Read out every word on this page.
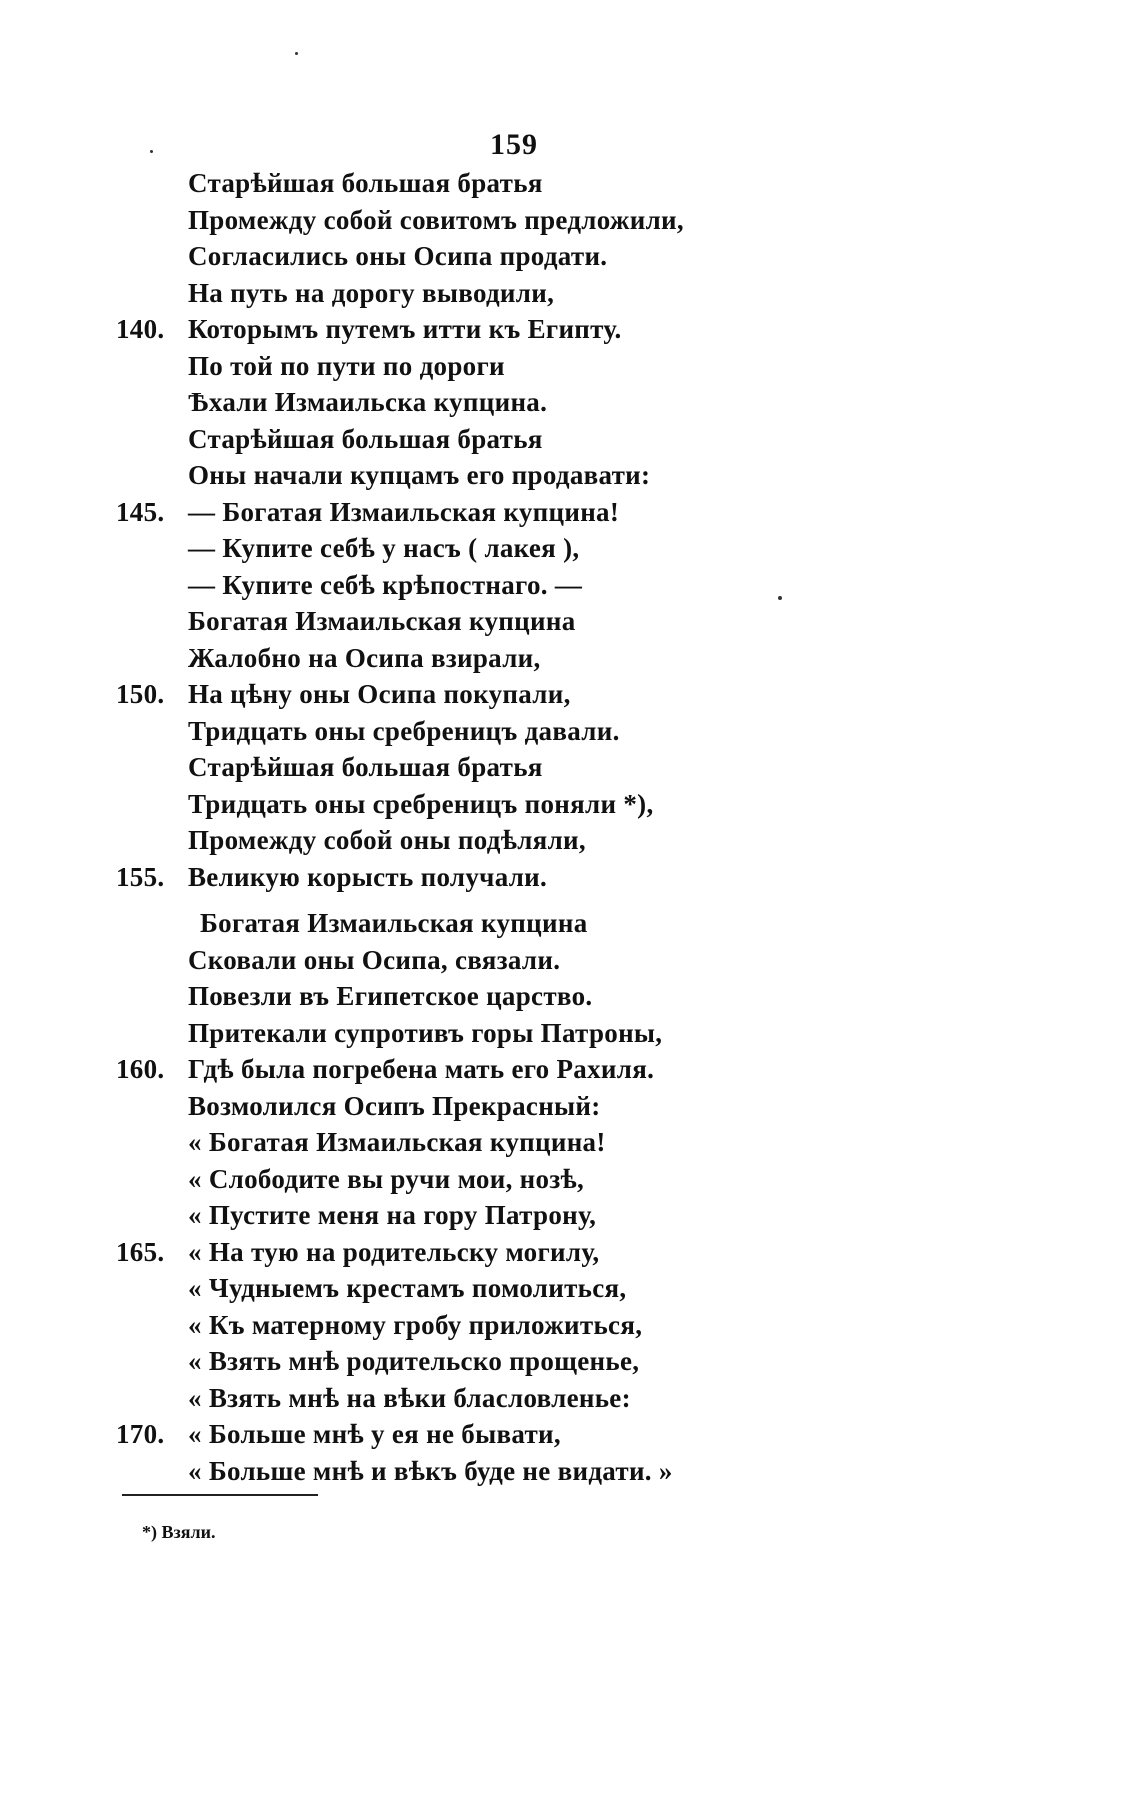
159
Старѣйшая большая братья
Промежду собой совитомъ предложили,
Согласились оны Осипа продати.
На путь на дорогу выводили,
140. Которымъ путемъ итти къ Египту.
По той по пути по дороги
Ѣхали Измаильска купцина.
Старѣйшая большая братья
Оны начали купцамъ его продавати:
145. — Богатая Измаильская купцина!
— Купите себѣ у насъ ( лакея ),
— Купите себѣ крѣпостнаго. —
Богатая Измаильская купцина
Жалобно на Осипа взирали,
150. На цѣну оны Осипа покупали,
Тридцать оны сребреницъ давали.
Старѣйшая большая братья
Тридцать оны сребреницъ поняли *),
Промежду собой оны подѣляли,
155. Великую корысть получали.
Богатая Измаильская купцина
Сковали оны Осипа, связали.
Повезли въ Египетское царство.
Притекали супротивъ горы Патроны,
160. Гдѣ была погребена мать его Рахиля.
Возмолился Осипъ Прекрасный:
« Богатая Измаильская купцина!
« Слободите вы ручи мои, нозѣ,
« Пустите меня на гору Патрону,
165. « На тую на родительску могилу,
« Чудныемъ крестамъ помолиться,
« Къ матерному гробу приложиться,
« Взять мнѣ родительско прощенье,
« Взять мнѣ на вѣки бласловленье:
170. « Больше мнѣ у ея не бывати,
« Больше мнѣ и вѣкъ буде не видати. »
*) Взяли.
